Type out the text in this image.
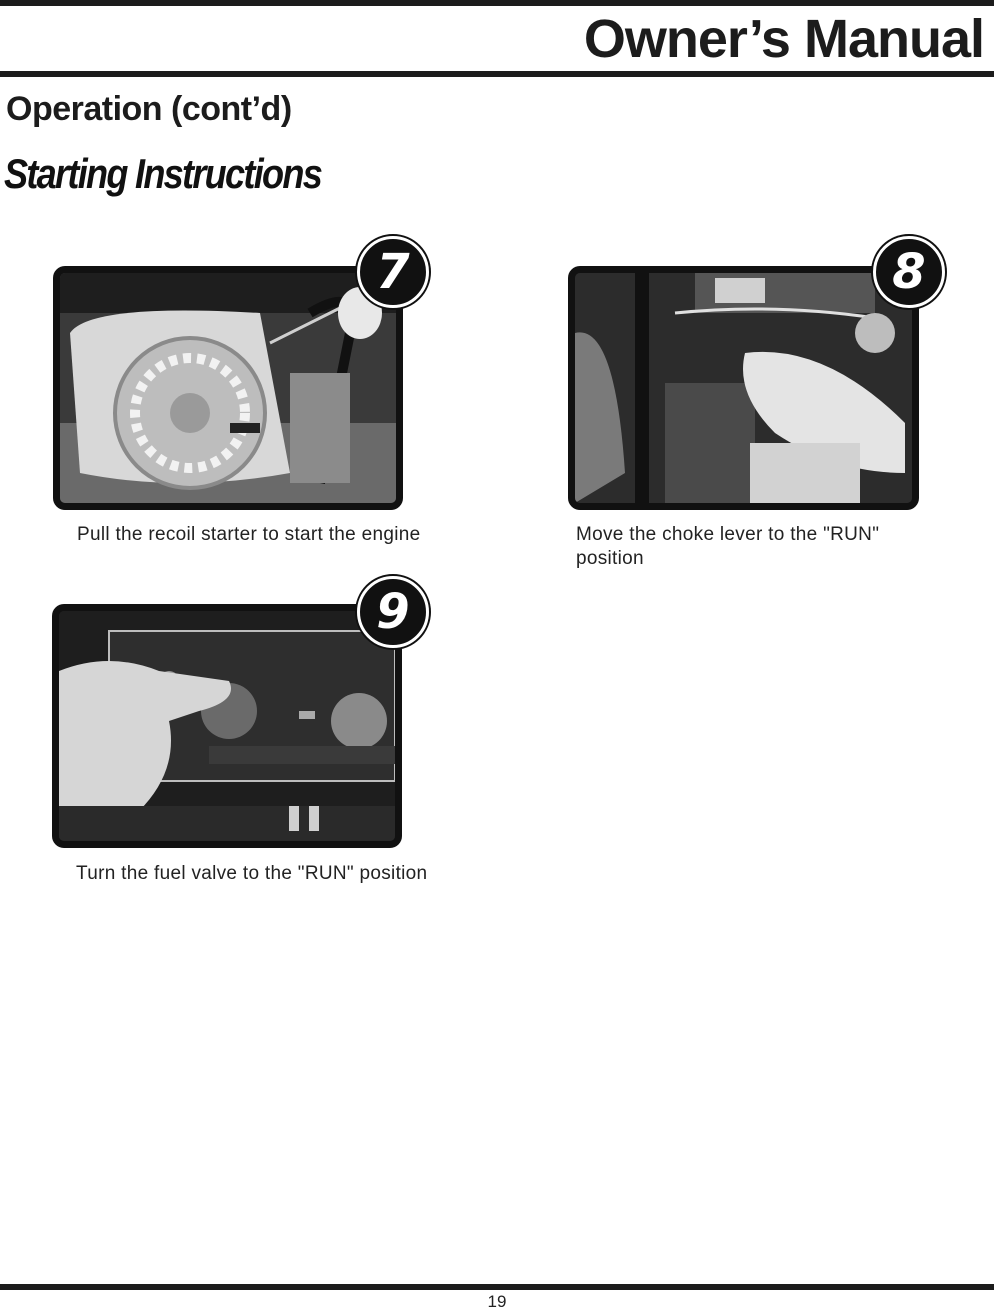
Owner’s Manual
Operation (cont’d)
Starting Instructions
7
Pull the recoil starter to start the engine
8
Move the choke lever to the "RUN" position
9
Turn the fuel valve to the "RUN" position
19
